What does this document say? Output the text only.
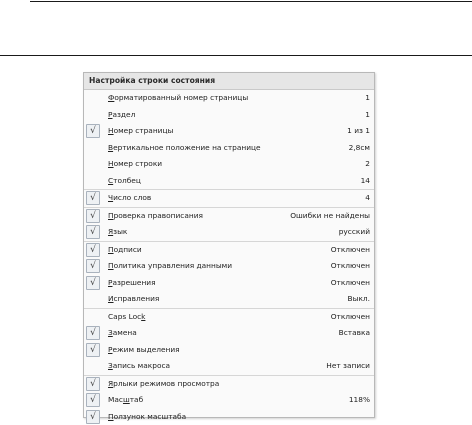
Настройка строки состояния
Форматированный номер страницы	1
Раздел	1
√	Номер страницы	1 из 1
Вертикальное положение на странице	2,8см
Номер строки	2
Столбец	14
√	Число слов	4
√	Проверка правописания	Ошибки не найдены
√	Язык	русский
√	Подписи	Отключен
√	Политика управления данными	Отключен
√	Разрешения	Отключен
Исправления	Выкл.
Caps Lock	Отключен
√	Замена	Вставка
√	Режим выделения
Запись макроса	Нет записи
√	Ярлыки режимов просмотра
√	Масштаб	118%
√	Ползунок масштаба
